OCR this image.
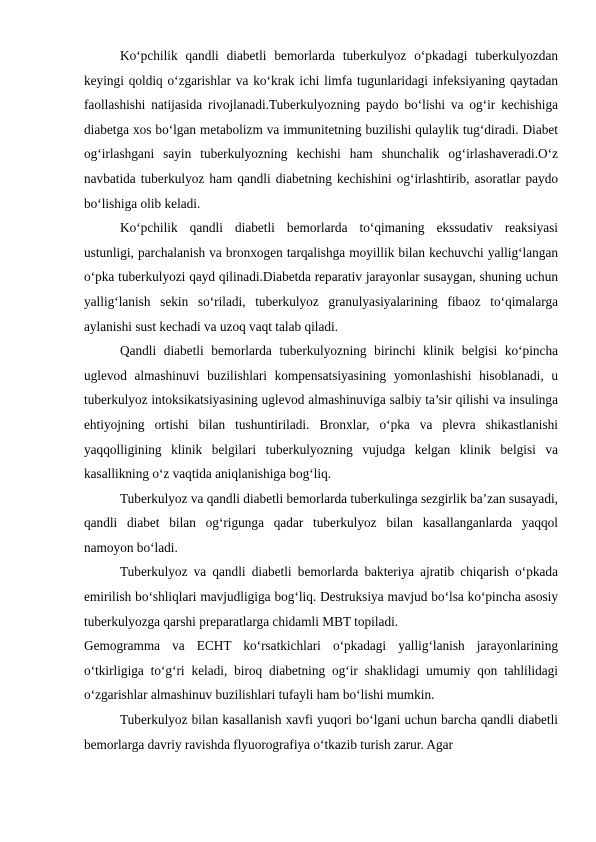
Ko‘pchilik qandli diabetli bemorlarda tuberkulyoz o‘pkadagi tuberkulyozdan keyingi qoldiq o‘zgarishlar va ko‘krak ichi limfa tugunlaridagi infeksiyaning qaytadan faollashishi natijasida rivojlanadi.Tuberkulyozning paydo bo‘lishi va og‘ir kechishiga diabetga xos bo‘lgan metabolizm va immunitetning buzilishi qulaylik tug‘diradi. Diabet og‘irlashgani sayin tuberkulyozning kechishi ham shunchalik og‘irlashaveradi.O‘z navbatida tuberkulyoz ham qandli diabetning kechishini og‘irlashtirib, asoratlar paydo bo‘lishiga olib keladi.

Ko‘pchilik qandli diabetli bemorlarda to‘qimaning ekssudativ reaksiyasi ustunligi, parchalanish va bronxogen tarqalishga moyillik bilan kechuvchi yallig‘langan o‘pka tuberkulyozi qayd qilinadi.Diabetda reparativ jarayonlar susaygan, shuning uchun yallig‘lanish sekin so‘riladi, tuberkulyoz granulyasiyalarining fibaoz to‘qimalarga aylanishi sust kechadi va uzoq vaqt talab qiladi.

Qandli diabetli bemorlarda tuberkulyozning birinchi klinik belgisi ko‘pincha uglevod almashinuvi buzilishlari kompensatsiyasining yomonlashishi hisoblanadi, u tuberkulyoz intoksikatsiyasining uglevod almashinuviga salbiy ta’sir qilishi va insulinga ehtiyojning ortishi bilan tushuntiriladi. Bronxlar, o‘pka va plevra shikastlanishi yaqqolligining klinik belgilari tuberkulyozning vujudga kelgan klinik belgisi va kasallikning o‘z vaqtida aniqlanishiga bog‘liq.

Tuberkulyoz va qandli diabetli bemorlarda tuberkulinga sezgirlik ba’zan susayadi, qandli diabet bilan og‘rigunga qadar tuberkulyoz bilan kasallanganlarda yaqqol namoyon bo‘ladi.

Tuberkulyoz va qandli diabetli bemorlarda bakteriya ajratib chiqarish o‘pkada emirilish bo‘shliqlari mavjudligiga bog‘liq. Destruksiya mavjud bo‘lsa ko‘pincha asosiy tuberkulyozga qarshi preparatlarga chidamli MBT topiladi.

Gemogramma va ECHT ko‘rsatkichlari o‘pkadagi yallig‘lanish jarayonlarining o‘tkirligiga to‘g‘ri keladi, biroq diabetning og‘ir shaklidagi umumiy qon tahlilidagi o‘zgarishlar almashinuv buzilishlari tufayli ham bo‘lishi mumkin.

Tuberkulyoz bilan kasallanish xavfi yuqori bo‘lgani uchun barcha qandli diabetli bemorlarga davriy ravishda flyuorografiya o‘tkazib turish zarur. Agar
